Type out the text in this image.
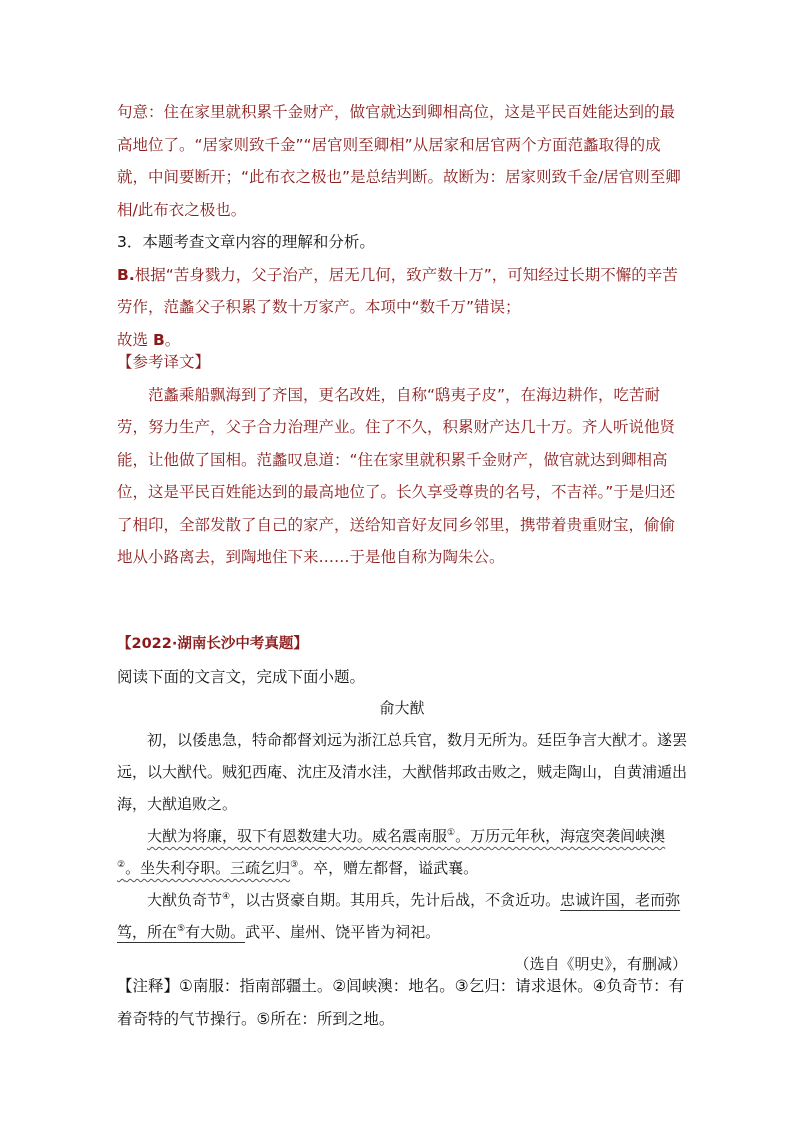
句意：住在家里就积累千金财产，做官就达到卿相高位，这是平民百姓能达到的最高地位了。“居家则致千金”“居官则至卿相”从居家和居官两个方面范蠡取得的成就，中间要断开；“此布衣之极也”是总结判断。故断为：居家则致千金/居官则至卿相/此布衣之极也。

3．本题考查文章内容的理解和分析。

B.根据“苦身戮力，父子治产，居无几何，致产数十万”，可知经过长期不懈的辛苦劳作，范蠡父子积累了数十万家产。本项中“数千万”错误；

故选 B。

【参考译文】

范蠡乘船飘海到了齐国，更名改姓，自称“鸱夷子皮”，在海边耕作，吃苦耐劳，努力生产，父子合力治理产业。住了不久，积累财产达几十万。齐人听说他贤能，让他做了国相。范蠡叹息道：“住在家里就积累千金财产，做官就达到卿相高位，这是平民百姓能达到的最高地位了。长久享受尊贵的名号，不吉祥。”于是归还了相印，全部发散了自己的家产，送给知音好友同乡邻里，携带着贵重财宝，偷偷地从小路离去，到陶地住下来……于是他自称为陶朱公。

【2022·湖南长沙中考真题】

阅读下面的文言文，完成下面小题。

俞大猷

初，以倭患急，特命都督刘远为浙江总兵官，数月无所为。廷臣争言大猷才。遂罢远，以大猷代。贼犯西庵、沈庄及清水洼，大猷偕邦政击败之，贼走陶山，自黄浦遁出海，大猷追败之。

大猷为将廉，驭下有恩数建大功。威名震南服①。万历元年秋，海寇突袭闾峡澳②。坐失利夺职。三疏乞归③。卒，赠左都督，谥武襄。

大猷负奇节④，以古贤豪自期。其用兵，先计后战，不贪近功。忠诚许国，老而弥笃，所在⑤有大勋。武平、崖州、饶平皆为祠祀。

（选自《明史》，有删减）

【注释】①南服：指南部疆土。②闾峡澳：地名。③乞归：请求退休。④负奇节：有着奇特的气节操行。⑤所在：所到之地。
